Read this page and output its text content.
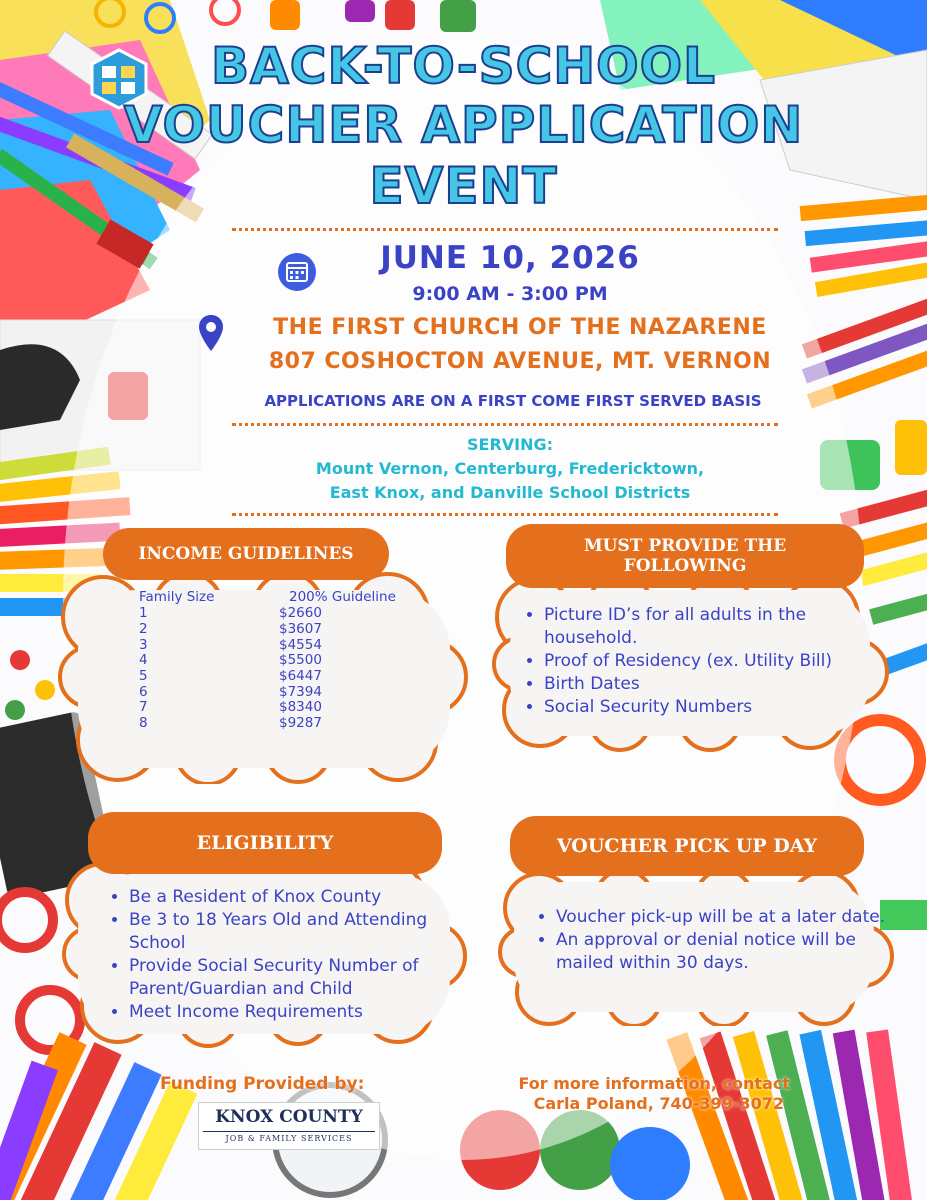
BACK-TO-SCHOOL
VOUCHER APPLICATION
EVENT
JUNE 10, 2026
9:00 AM - 3:00 PM
THE FIRST CHURCH OF THE NAZARENE
807 COSHOCTON AVENUE, MT. VERNON
APPLICATIONS ARE ON A FIRST COME FIRST SERVED BASIS
SERVING:
Mount Vernon, Centerburg, Fredericktown,
East Knox, and Danville School Districts
INCOME GUIDELINES
Family Size	200% Guideline
1	$2660
2	$3607
3	$4554
4	$5500
5	$6447
6	$7394
7	$8340
8	$9287
MUST PROVIDE THE
FOLLOWING
• Picture ID’s for all adults in the household.
• Proof of Residency (ex. Utility Bill)
• Birth Dates
• Social Security Numbers
ELIGIBILITY
• Be a Resident of Knox County
• Be 3 to 18 Years Old and Attending School
• Provide Social Security Number of Parent/Guardian and Child
• Meet Income Requirements
VOUCHER PICK UP DAY
• Voucher pick-up will be at a later date.
• An approval or denial notice will be mailed within 30 days.
Funding Provided by:
KNOX COUNTY
JOB & FAMILY SERVICES
For more information, contact
Carla Poland, 740-399-3072
